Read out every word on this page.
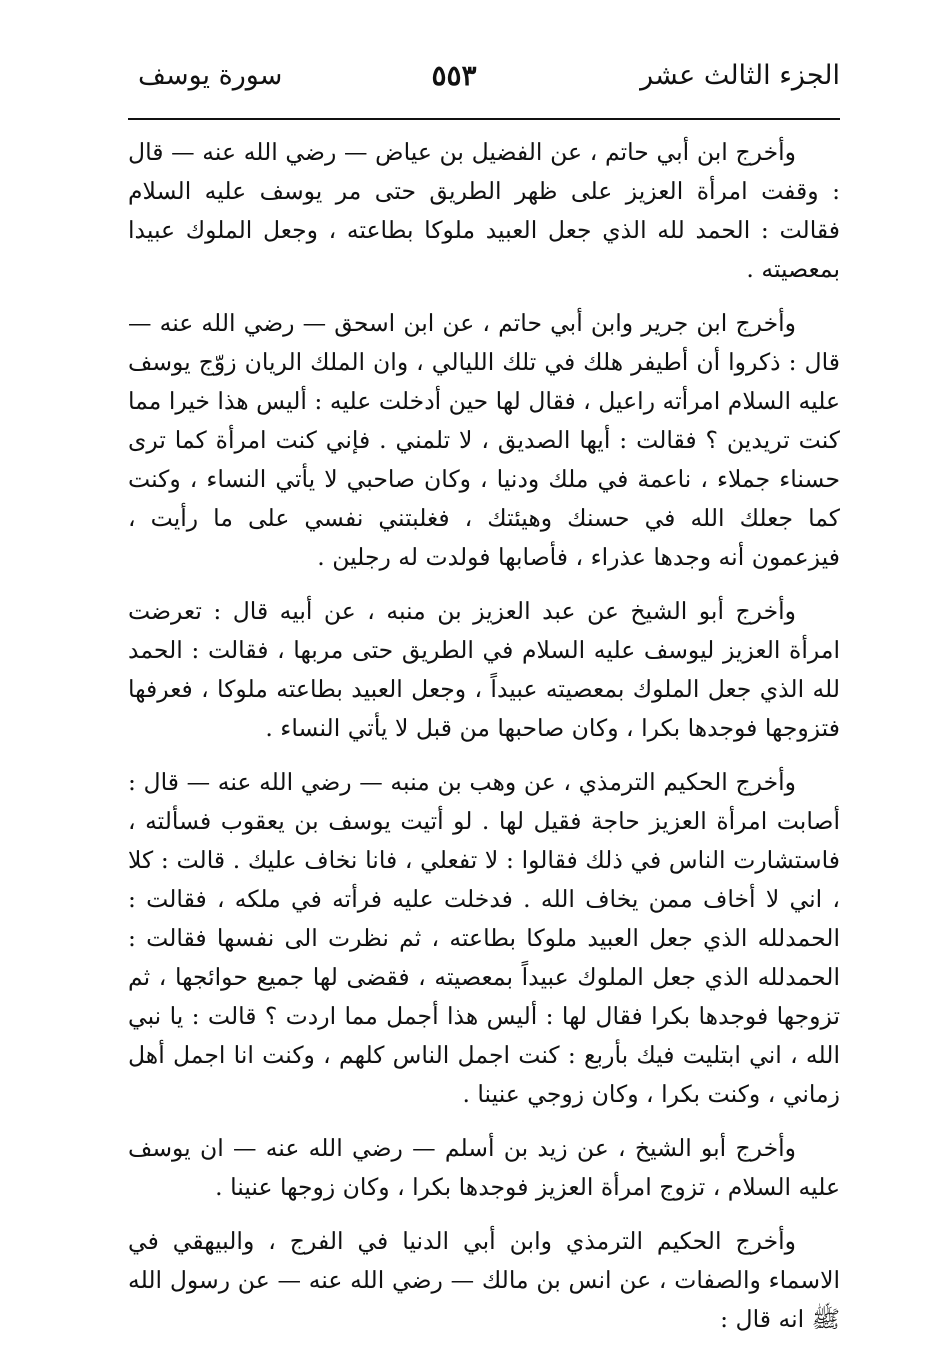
الجزء الثالث عشر
٥٥٣
سورة يوسف

وأخرج ابن أبي حاتم ، عن الفضيل بن عياض — رضي الله عنه — قال : وقفت امرأة العزيز على ظهر الطريق حتى مر يوسف عليه السلام فقالت : الحمد لله الذي جعل العبيد ملوكا بطاعته ، وجعل الملوك عبيدا بمعصيته .

وأخرج ابن جرير وابن أبي حاتم ، عن ابن اسحق — رضي الله عنه — قال : ذكروا أن أطيفر هلك في تلك الليالي ، وان الملك الريان زوّج يوسف عليه السلام امرأته راعيل ، فقال لها حين أدخلت عليه : أليس هذا خيرا مما كنت تريدين ؟ فقالت : أيها الصديق ، لا تلمني . فإني كنت امرأة كما ترى حسناء جملاء ، ناعمة في ملك ودنيا ، وكان صاحبي لا يأتي النساء ، وكنت كما جعلك الله في حسنك وهيئتك ، فغلبتني نفسي على ما رأيت ، فيزعمون أنه وجدها عذراء ، فأصابها فولدت له رجلين .

وأخرج أبو الشيخ عن عبد العزيز بن منبه ، عن أبيه قال : تعرضت امرأة العزيز ليوسف عليه السلام في الطريق حتى مربها ، فقالت : الحمد لله الذي جعل الملوك بمعصيته عبيداً ، وجعل العبيد بطاعته ملوكا ، فعرفها فتزوجها فوجدها بكرا ، وكان صاحبها من قبل لا يأتي النساء .

وأخرج الحكيم الترمذي ، عن وهب بن منبه — رضي الله عنه — قال : أصابت امرأة العزيز حاجة فقيل لها . لو أتيت يوسف بن يعقوب فسألته ، فاستشارت الناس في ذلك فقالوا : لا تفعلي ، فانا نخاف عليك . قالت : كلا ، اني لا أخاف ممن يخاف الله . فدخلت عليه فرأته في ملكه ، فقالت : الحمدلله الذي جعل العبيد ملوكا بطاعته ، ثم نظرت الى نفسها فقالت : الحمدلله الذي جعل الملوك عبيداً بمعصيته ، فقضى لها جميع حوائجها ، ثم تزوجها فوجدها بكرا فقال لها : أليس هذا أجمل مما اردت ؟ قالت : يا نبي الله ، اني ابتليت فيك بأربع : كنت اجمل الناس كلهم ، وكنت انا اجمل أهل زماني ، وكنت بكرا ، وكان زوجي عنينا .

وأخرج أبو الشيخ ، عن زيد بن أسلم — رضي الله عنه — ان يوسف عليه السلام ، تزوج امرأة العزيز فوجدها بكرا ، وكان زوجها عنينا .

وأخرج الحكيم الترمذي وابن أبي الدنيا في الفرج ، والبيهقي في الاسماء والصفات ، عن انس بن مالك — رضي الله عنه — عن رسول الله ﷺ انه قال :
